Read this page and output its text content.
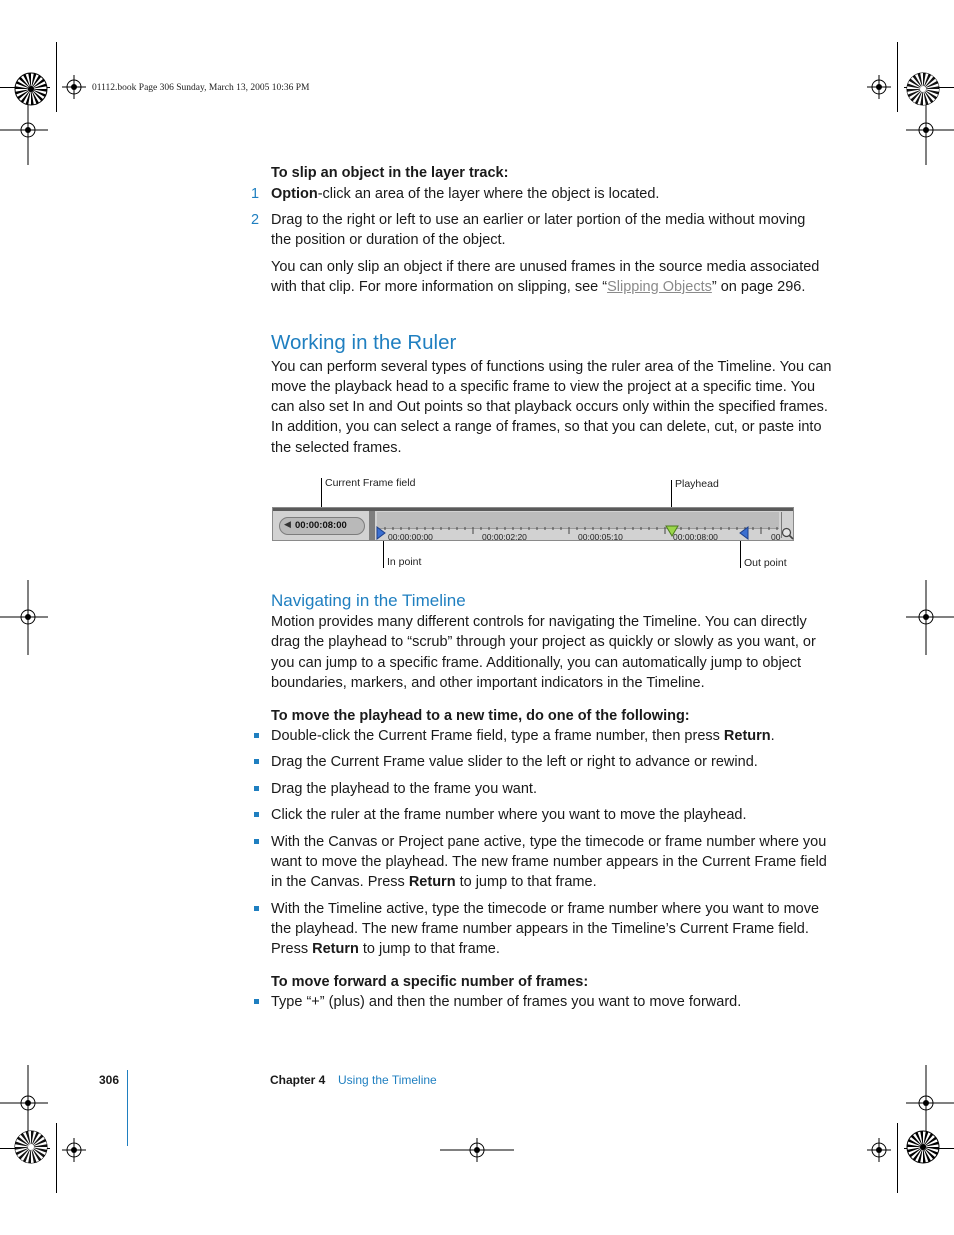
01112.book Page 306 Sunday, March 13, 2005 10:36 PM
To slip an object in the layer track:
1 Option-click an area of the layer where the object is located.
2 Drag to the right or left to use an earlier or later portion of the media without moving
the position or duration of the object.
You can only slip an object if there are unused frames in the source media associated
with that clip. For more information on slipping, see “Slipping Objects” on page 296.
Working in the Ruler
You can perform several types of functions using the ruler area of the Timeline. You can
move the playback head to a specific frame to view the project at a specific time. You
can also set In and Out points so that playback occurs only within the specified frames.
In addition, you can select a range of frames, so that you can delete, cut, or paste into
the selected frames.
Current Frame field	Playhead
In point	Out point
◀ 00:00:08:00
00:00:00:00	00:00:02:20	00:00:05:10	00:00:08:00	00
Navigating in the Timeline
Motion provides many different controls for navigating the Timeline. You can directly
drag the playhead to “scrub” through your project as quickly or slowly as you want, or
you can jump to a specific frame. Additionally, you can automatically jump to object
boundaries, markers, and other important indicators in the Timeline.
To move the playhead to a new time, do one of the following:
Double-click the Current Frame field, type a frame number, then press Return.
Drag the Current Frame value slider to the left or right to advance or rewind.
Drag the playhead to the frame you want.
Click the ruler at the frame number where you want to move the playhead.
With the Canvas or Project pane active, type the timecode or frame number where you
want to move the playhead. The new frame number appears in the Current Frame field
in the Canvas. Press Return to jump to that frame.
With the Timeline active, type the timecode or frame number where you want to move
the playhead. The new frame number appears in the Timeline’s Current Frame field.
Press Return to jump to that frame.
To move forward a specific number of frames:
Type “+” (plus) and then the number of frames you want to move forward.
306	Chapter 4 Using the Timeline
